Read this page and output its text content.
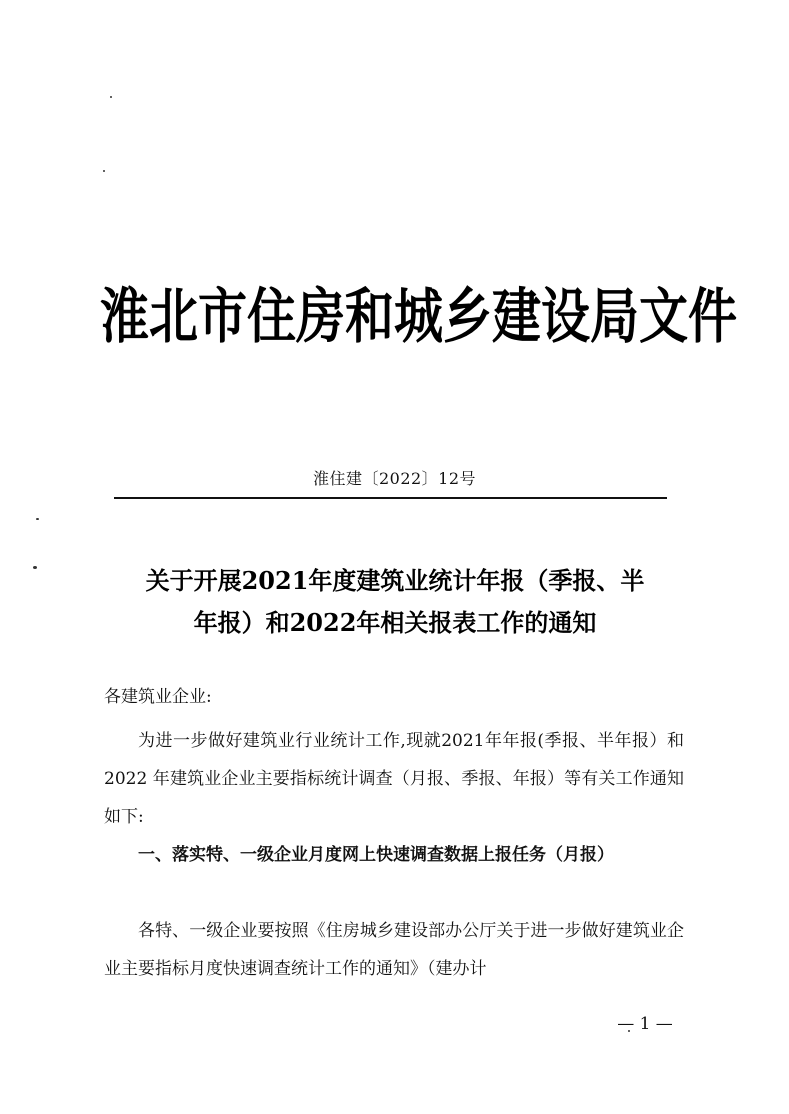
淮北市住房和城乡建设局文件
淮住建〔2022〕12号
关于开展2021年度建筑业统计年报（季报、半
年报）和2022年相关报表工作的通知
各建筑业企业:
为进一步做好建筑业行业统计工作,现就2021年年报(季报、半年报）和 2022 年建筑业企业主要指标统计调查（月报、季报、年报）等有关工作通知如下:
一、落实特、一级企业月度网上快速调查数据上报任务（月报）
各特、一级企业要按照《住房城乡建设部办公厅关于进一步做好建筑业企业主要指标月度快速调查统计工作的通知》（建办计
— 1 —
